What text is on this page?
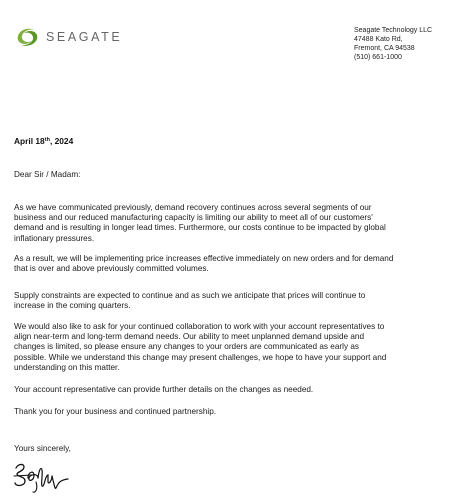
SEAGATE	Seagate Technology LLC
47488 Kato Rd,
Fremont, CA 94538
(510) 661-1000
April 18th, 2024
Dear Sir / Madam:
As we have communicated previously, demand recovery continues across several segments of our
business and our reduced manufacturing capacity is limiting our ability to meet all of our customers'
demand and is resulting in longer lead times. Furthermore, our costs continue to be impacted by global
inflationary pressures.
As a result, we will be implementing price increases effective immediately on new orders and for demand
that is over and above previously committed volumes.
Supply constraints are expected to continue and as such we anticipate that prices will continue to
increase in the coming quarters.
We would also like to ask for your continued collaboration to work with your account representatives to
align near-term and long-term demand needs. Our ability to meet unplanned demand upside and
changes is limited, so please ensure any changes to your orders are communicated as early as
possible. While we understand this change may present challenges, we hope to have your support and
understanding on this matter.
Your account representative can provide further details on the changes as needed.
Thank you for your business and continued partnership.
Yours sincerely,
